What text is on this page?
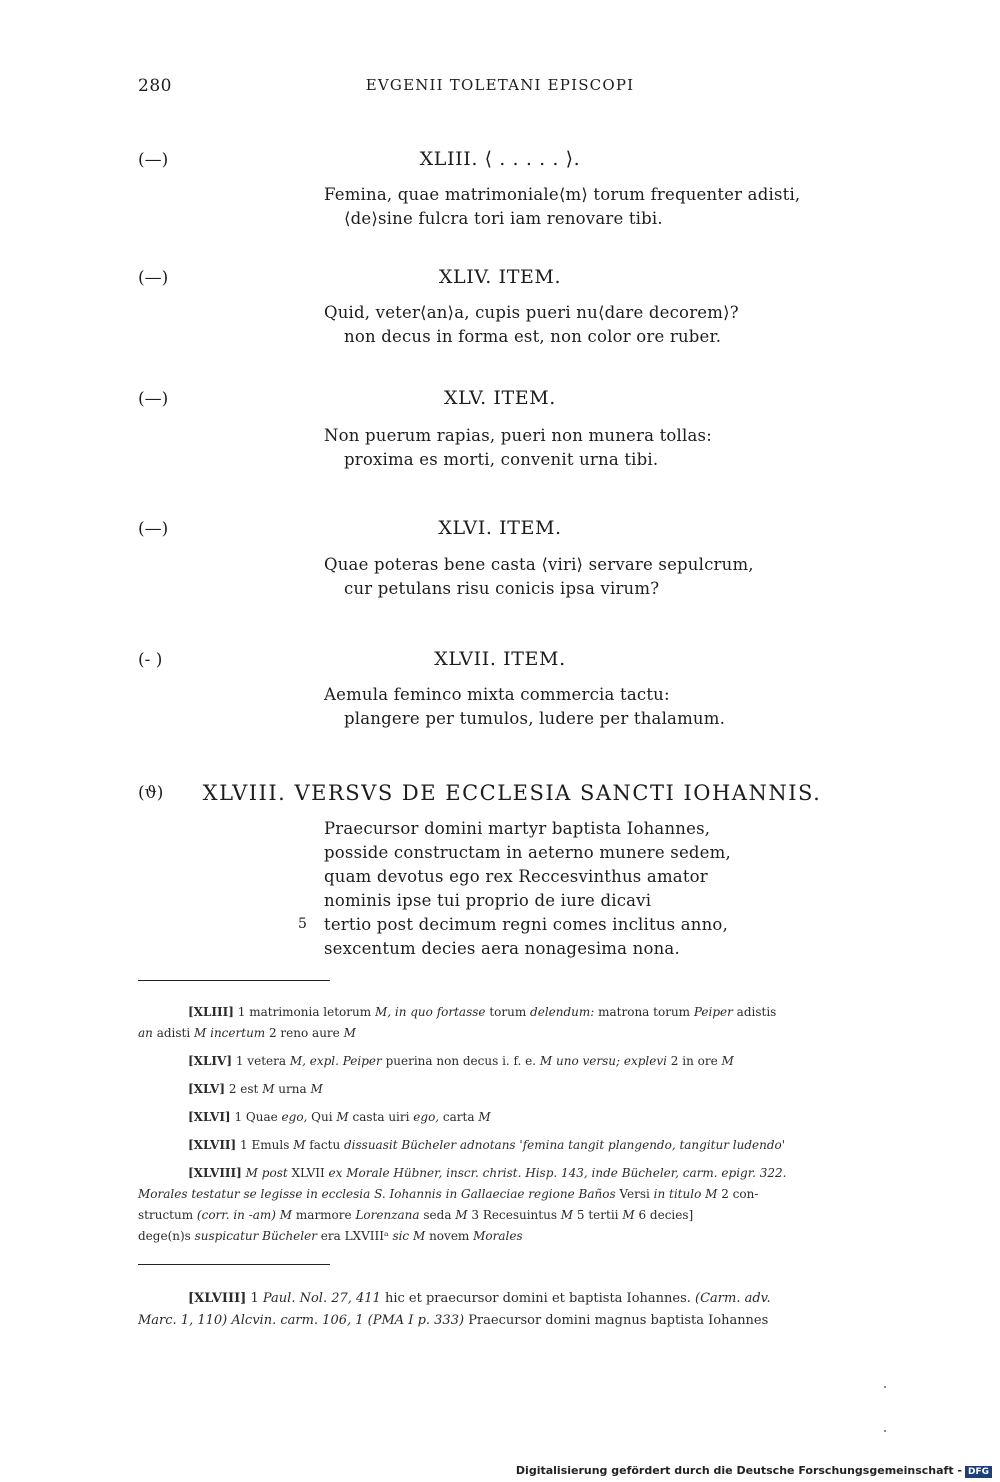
280	EVGENII TOLETANI EPISCOPI
(—)	XLIII. ⟨ . . . . . ⟩.
Femina, quae matrimoniale⟨m⟩ torum frequenter adisti,
⟨de⟩sine fulcra tori iam renovare tibi.
(—)	XLIV. ITEM.
Quid, veter⟨an⟩a, cupis pueri nu⟨dare decorem⟩?
non decus in forma est, non color ore ruber.
(—)	XLV. ITEM.
Non puerum rapias, pueri non munera tollas:
proxima es morti, convenit urna tibi.
(—)	XLVI. ITEM.
Quae poteras bene casta ⟨viri⟩ servare sepulcrum,
cur petulans risu conicis ipsa virum?
(- )	XLVII. ITEM.
Aemula feminco mixta commercia tactu:
plangere per tumulos, ludere per thalamum.
(ϑ)	XLVIII. VERSVS DE ECCLESIA SANCTI IOHANNIS.
Praecursor domini martyr baptista Iohannes,
posside constructam in aeterno munere sedem,
quam devotus ego rex Reccesvinthus amator
nominis ipse tui proprio de iure dicavi
5 tertio post decimum regni comes inclitus anno,
sexcentum decies aera nonagesima nona.
[XLIII] 1 matrimonia letorum M, in quo fortasse torum delendum: matrona torum Peiper adistis
an adisti M incertum 2 reno aure M
[XLIV] 1 vetera M, expl. Peiper puerina non decus i. f. e. M uno versu; explevi 2 in ore M
[XLV] 2 est M urna M
[XLVI] 1 Quae ego, Qui M casta uiri ego, carta M
[XLVII] 1 Emuls M factu dissuasit Bücheler adnotans 'femina tangit plangendo, tangitur ludendo'
[XLVIII] M post XLVII ex Morale Hübner, inscr. christ. Hisp. 143, inde Bücheler, carm. epigr. 322.
Morales testatur se legisse in ecclesia S. Iohannis in Gallaeciae regione Baños Versi in titulo M 2 con-
structum (corr. in -am) M marmore Lorenzana seda M 3 Recesuintus M 5 tertii M 6 decies]
dege(n)s suspicatur Bücheler era LXVIIIᵃ sic M novem Morales
[XLVIII] 1 Paul. Nol. 27, 411 hic et praecursor domini et baptista Iohannes. (Carm. adv.
Marc. 1, 110) Alcvin. carm. 106, 1 (PMA I p. 333) Praecursor domini magnus baptista Iohannes
Digitalisierung gefördert durch die Deutsche Forschungsgemeinschaft - DFG
